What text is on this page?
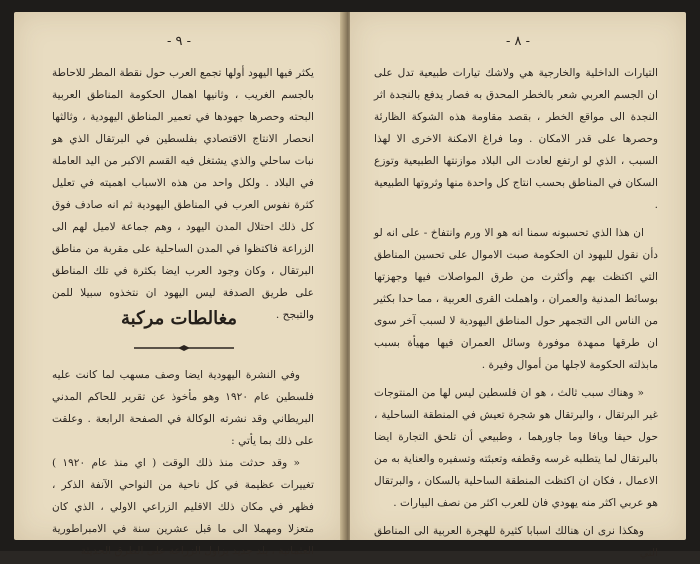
- ٩ -

يكثر فيها اليهود أولها تجمع العرب حول نقطة المطر للاحاطة بالجسم الغريب ، وثانيها اهمال الحكومة المناطق العربية البحته وحصرها جهودها في تعمير المناطق اليهودية ، وثالثها انحصار الانتاج الاقتصادي بفلسطين في البرتقال الذي هو نبات ساحلي والذي يشتغل فيه القسم الاكبر من اليد العاملة في البلاد . ولكل واحد من هذه الاسباب اهميته في تعليل كثرة نفوس العرب في المناطق اليهودية ثم انه صادف فوق كل ذلك احتلال المدن اليهود ، وهم جماعة لاميل لهم الى الزراعة فاكتظوا في المدن الساحلية على مقربة من مناطق البرتقال ، وكان وجود العرب ايضا بكثرة في تلك المناطق على طريق الصدفة ليس اليهود ان نتخذوه سبيلا للمن والتبجح .

مغالطات مركبة

وفي النشرة اليهودية ايضا وصف مسهب لما كانت عليه فلسطين عام ١٩٢٠ وهو مأخوذ عن تقرير للحاكم المدني البريطاني وقد نشرته الوكالة في الصفحة الرابعة . وعلقت على ذلك بما يأتي :

« وقد حدثت منذ ذلك الوقت ( اي منذ عام ١٩٢٠ ) تغييرات عظيمة في كل ناحية من النواحي الآنفة الذكر ، فظهر في مكان ذلك الاقليم الزراعي الاولي ، الذي كان متعزلا ومهملا الى ما قبل عشرين سنة في الامبراطورية العثمانية ، بلد جديد يزاول الزراعة على الطرق الحديثة

- ٨ -

التيارات الداخلية والخارجية هي ولاشك تيارات طبيعية تدل على ان الجسم العربي شعر بالخطر المحدق به فصار يدفع بالنجدة اثر النجدة الى مواقع الخطر ، بقصد مقاومة هذه الشوكة الظارئة وحصرها على قدر الامكان . وما فراغ الامكنة الاخرى الا لهذا السبب ، الذي لو ارتفع لعادت الى البلاد موازنتها الطبيعية وتوزع السكان في المناطق بحسب انتاج كل واحدة منها وثروتها الطبيعية .

ان هذا الذي تحسبونه سمنا انه هو الا ورم وانتفاخ - على انه لو دأن نقول لليهود ان الحكومة صبت الاموال على تحسين المناطق التي اكتظت بهم وأكثرت من طرق المواصلات فيها وجهزتها بوسائط المدنية والعمران ، واهملت القرى العربية ، مما حدا بكثير من الناس الى التجمهر حول المناطق اليهودية لا لسبب آخر سوى ان طرقها ممهدة موفورة وسائل العمران فيها مهيأة بسبب مابذلته الحكومة لاجلها من أموال وفيرة .

« وهناك سبب ثالث ، هو ان فلسطين ليس لها من المنتوجات غير البرتقال ، والبرتقال هو شجرة تعيش في المنطقة الساحلية ، حول حيفا ويافا وما جاورهما ، وطبيعي أن تلحق التجارة ايضا بالبرتقال لما يتطلبه غرسه وقطفه وتعبئته وتسفيره والعناية به من الاعمال ، فكان ان اكتظت المنطقة الساحلية بالسكان ، والبرتقال هو عربي اكثر منه يهودي فان للعرب اكثر من نصف البيارات .

وهكذا نرى ان هنالك اسبابا كثيرة للهجرة العربية الى المناطق التي
